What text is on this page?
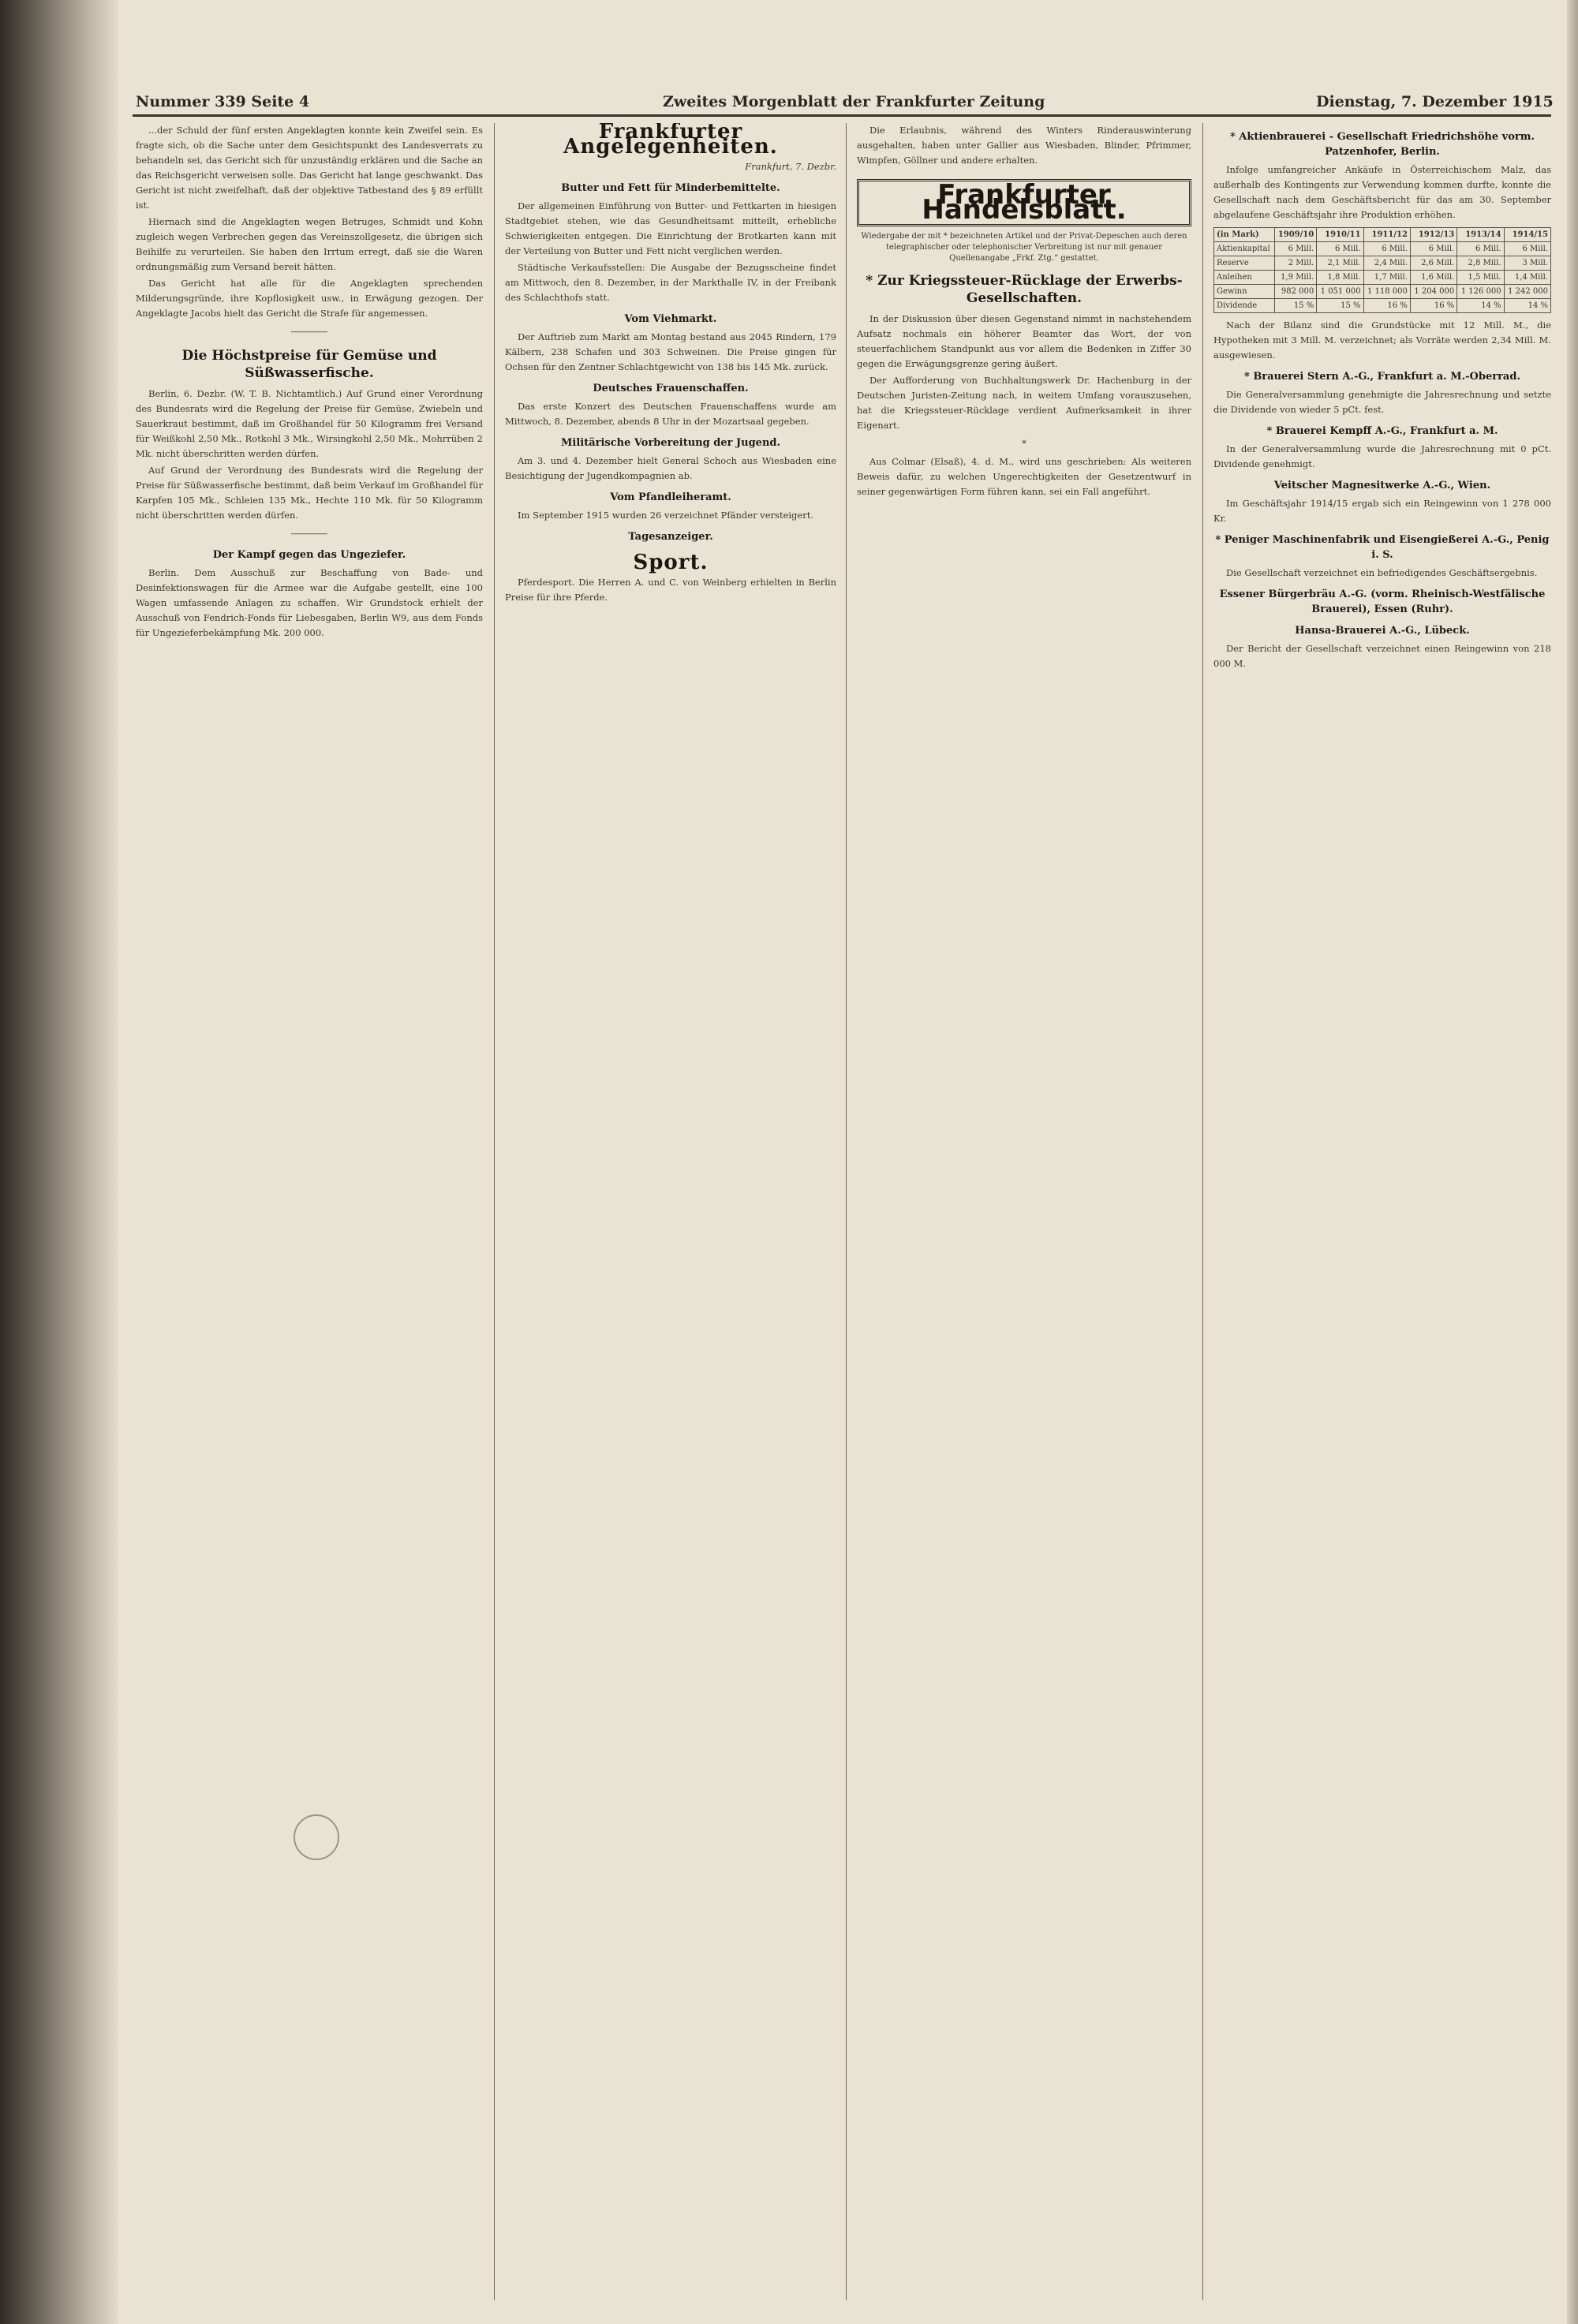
Nummer 339 Seite 4	Zweites Morgenblatt der Frankfurter Zeitung	Dienstag, 7. Dezember 1915

...der Schuld der fünf ersten Angeklagten konnte kein Zweifel sein. Es fragte sich, ob die Sache unter dem Gesichtspunkt des Landesverrats zu behandeln sei, das Gericht sich für unzuständig erklären und die Sache an das Reichsgericht verweisen solle. Das Gericht hat lange geschwankt. Das Gericht ist nicht zweifelhaft, daß der objektive Tatbestand des § 89 erfüllt ist.

Hiernach sind die Angeklagten wegen Betruges, Schmidt und Kohn zugleich wegen Verbrechen gegen das Vereinszollgesetz, die übrigen sich Beihilfe zu verurteilen. Sie haben den Irrtum erregt, daß sie die Waren ordnungsmäßig zum Versand bereit hätten.

Das Gericht hat alle für die Angeklagten sprechenden Milderungsgründe, ihre Kopflosigkeit usw., in Erwägung gezogen. Der Angeklagte Jacobs hielt das Gericht die Strafe für angemessen.

――――
Die Höchstpreise für Gemüse und Süßwasserfische.

Berlin, 6. Dezbr. (W. T. B. Nichtamtlich.) Auf Grund einer Verordnung des Bundesrats wird die Regelung der Preise für Gemüse, Zwiebeln und Sauerkraut bestimmt, daß im Großhandel für 50 Kilogramm frei Versand für Weißkohl 2,50 Mk., Rotkohl 3 Mk., Wirsingkohl 2,50 Mk., Mohrrüben 2 Mk. nicht überschritten werden dürfen.

Auf Grund der Verordnung des Bundesrats wird die Regelung der Preise für Süßwasserfische bestimmt, daß beim Verkauf im Großhandel für Karpfen 105 Mk., Schleien 135 Mk., Hechte 110 Mk. für 50 Kilogramm nicht überschritten werden dürfen.

――――
Der Kampf gegen das Ungeziefer.

Berlin. Dem Ausschuß zur Beschaffung von Bade- und Desinfektionswagen für die Armee war die Aufgabe gestellt, eine 100 Wagen umfassende Anlagen zu schaffen. Wir Grundstock erhielt der Ausschuß von Fendrich-Fonds für Liebesgaben, Berlin W9, aus dem Fonds für Ungezieferbekämpfung Mk. 200 000.

Frankfurter Angelegenheiten.
Frankfurt, 7. Dezbr.
Butter und Fett für Minderbemittelte.

Der allgemeinen Einführung von Butter- und Fettkarten in hiesigen Stadtgebiet stehen, wie das Gesundheitsamt mitteilt, erhebliche Schwierigkeiten entgegen. Die Einrichtung der Brotkarten kann mit der Verteilung von Butter und Fett nicht verglichen werden.

Städtische Verkaufsstellen: Die Ausgabe der Bezugsscheine findet am Mittwoch, den 8. Dezember, in der Markthalle IV, in der Freibank des Schlachthofs statt.

Vom Viehmarkt.

Der Auftrieb zum Markt am Montag bestand aus 2045 Rindern, 179 Kälbern, 238 Schafen und 303 Schweinen. Die Preise gingen für Ochsen für den Zentner Schlachtgewicht von 138 bis 145 Mk. zurück.

Deutsches Frauenschaffen.

Das erste Konzert des Deutschen Frauenschaffens wurde am Mittwoch, 8. Dezember, abends 8 Uhr in der Mozartsaal gegeben.

Militärische Vorbereitung der Jugend.

Am 3. und 4. Dezember hielt General Schoch aus Wiesbaden eine Besichtigung der Jugendkompagnien ab.

Vom Pfandleiheramt.

Im September 1915 wurden 26 verzeichnet Pfänder versteigert.

Tagesanzeiger.
Sport.

Pferdesport. Die Herren A. und C. von Weinberg erhielten in Berlin Preise für ihre Pferde.

Die Erlaubnis, während des Winters Rinderauswinterung ausgehalten, haben unter Gallier aus Wiesbaden, Blinder, Pfrimmer, Wimpfen, Göllner und andere erhalten.

Frankfurter Handelsblatt.
Wiedergabe der mit * bezeichneten Artikel und der Privat-Depeschen auch deren telegraphischer oder telephonischer Verbreitung ist nur mit genauer Quellenangabe „Frkf. Ztg.“ gestattet.
* Zur Kriegssteuer-Rücklage der Erwerbs-Gesellschaften.

In der Diskussion über diesen Gegenstand nimmt in nachstehendem Aufsatz nochmals ein höherer Beamter das Wort, der von steuerfachlichem Standpunkt aus vor allem die Bedenken in Ziffer 30 gegen die Erwägungsgrenze gering äußert.

Der Aufforderung von Buchhaltungswerk Dr. Hachenburg in der Deutschen Juristen-Zeitung nach, in weitem Umfang vorauszusehen, hat die Kriegssteuer-Rücklage verdient Aufmerksamkeit in ihrer Eigenart.

*

Aus Colmar (Elsaß), 4. d. M., wird uns geschrieben: Als weiteren Beweis dafür, zu welchen Ungerechtigkeiten der Gesetzentwurf in seiner gegenwärtigen Form führen kann, sei ein Fall angeführt.

* Aktienbrauerei - Gesellschaft Friedrichshöhe vorm. Patzenhofer, Berlin.

Infolge umfangreicher Ankäufe in Österreichischem Malz, das außerhalb des Kontingents zur Verwendung kommen durfte, konnte die Gesellschaft nach dem Geschäftsbericht für das am 30. September abgelaufene Geschäftsjahr ihre Produktion erhöhen.

(in Mark)	1909/10	1910/11	1911/12	1912/13	1913/14	1914/15
Aktienkapital	6 Mill.	6 Mill.	6 Mill.	6 Mill.	6 Mill.	6 Mill.
Reserve	2 Mill.	2,1 Mill.	2,4 Mill.	2,6 Mill.	2,8 Mill.	3 Mill.
Anleihen	1,9 Mill.	1,8 Mill.	1,7 Mill.	1,6 Mill.	1,5 Mill.	1,4 Mill.
Gewinn	982 000	1 051 000	1 118 000	1 204 000	1 126 000	1 242 000
Dividende	15 %	15 %	16 %	16 %	14 %	14 %

Nach der Bilanz sind die Grundstücke mit 12 Mill. M., die Hypotheken mit 3 Mill. M. verzeichnet; als Vorräte werden 2,34 Mill. M. ausgewiesen.

* Brauerei Stern A.-G., Frankfurt a. M.-Oberrad.

Die Generalversammlung genehmigte die Jahresrechnung und setzte die Dividende von wieder 5 pCt. fest.

* Brauerei Kempff A.-G., Frankfurt a. M.

In der Generalversammlung wurde die Jahresrechnung mit 0 pCt. Dividende genehmigt.

Veitscher Magnesitwerke A.-G., Wien.

Im Geschäftsjahr 1914/15 ergab sich ein Reingewinn von 1 278 000 Kr.

* Peniger Maschinenfabrik und Eisengießerei A.-G., Penig i. S.

Die Gesellschaft verzeichnet ein befriedigendes Geschäftsergebnis.

Essener Bürgerbräu A.-G. (vorm. Rheinisch-Westfälische Brauerei), Essen (Ruhr).
Hansa-Brauerei A.-G., Lübeck.

Der Bericht der Gesellschaft verzeichnet einen Reingewinn von 218 000 M.
